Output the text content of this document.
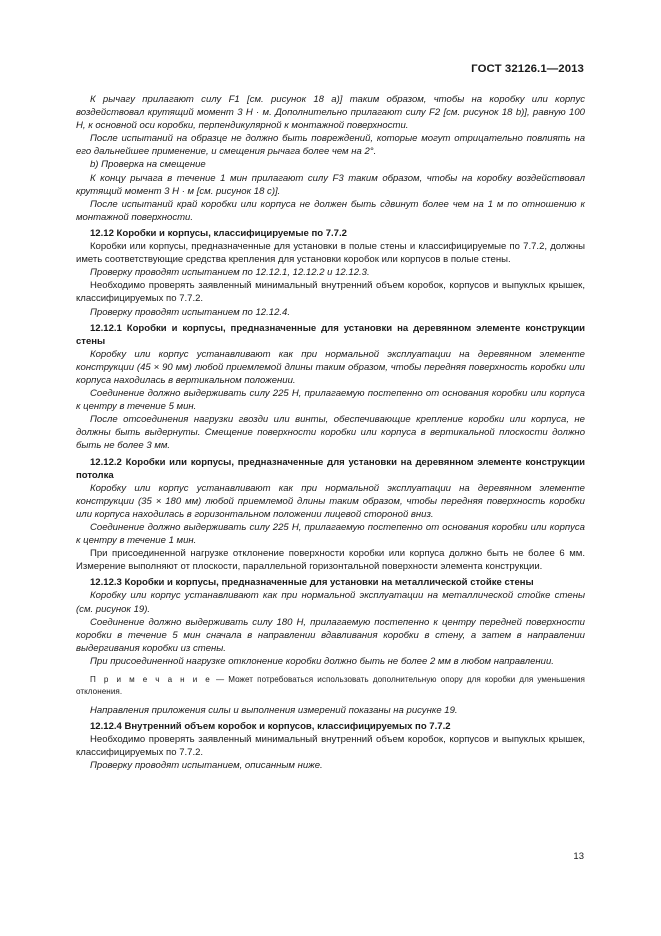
ГОСТ 32126.1—2013

К рычагу прилагают силу F1 [см. рисунок 18 a)] таким образом, чтобы на коробку или корпус воздействовал крутящий момент 3 Н · м. Дополнительно прилагают силу F2 [см. рисунок 18 b)], равную 100 Н, к основной оси коробки, перпендикулярной к монтажной поверхности.

После испытаний на образце не должно быть повреждений, которые могут отрицательно повлиять на его дальнейшее применение, и смещения рычага более чем на 2°.

b) Проверка на смещение

К концу рычага в течение 1 мин прилагают силу F3 таким образом, чтобы на коробку воздействовал крутящий момент 3 Н · м [см. рисунок 18 c)].

После испытаний край коробки или корпуса не должен быть сдвинут более чем на 1 м по отношению к монтажной поверхности.

12.12 Коробки и корпусы, классифицируемые по 7.7.2

Коробки или корпусы, предназначенные для установки в полые стены и классифицируемые по 7.7.2, должны иметь соответствующие средства крепления для установки коробок или корпусов в полые стены.

Проверку проводят испытанием по 12.12.1, 12.12.2 и 12.12.3.

Необходимо проверять заявленный минимальный внутренний объем коробок, корпусов и выпуклых крышек, классифицируемых по 7.7.2.

Проверку проводят испытанием по 12.12.4.

12.12.1 Коробки и корпусы, предназначенные для установки на деревянном элементе конструкции стены

Коробку или корпус устанавливают как при нормальной эксплуатации на деревянном элементе конструкции (45 × 90 мм) любой приемлемой длины таким образом, чтобы передняя поверхность коробки или корпуса находилась в вертикальном положении.

Соединение должно выдерживать силу 225 Н, прилагаемую постепенно от основания коробки или корпуса к центру в течение 5 мин.

После отсоединения нагрузки гвозди или винты, обеспечивающие крепление коробки или корпуса, не должны быть выдернуты. Смещение поверхности коробки или корпуса в вертикальной плоскости должно быть не более 3 мм.

12.12.2 Коробки или корпусы, предназначенные для установки на деревянном элементе конструкции потолка

Коробку или корпус устанавливают как при нормальной эксплуатации на деревянном элементе конструкции (35 × 180 мм) любой приемлемой длины таким образом, чтобы передняя поверхность коробки или корпуса находилась в горизонтальном положении лицевой стороной вниз.

Соединение должно выдерживать силу 225 Н, прилагаемую постепенно от основания коробки или корпуса к центру в течение 1 мин.

При присоединенной нагрузке отклонение поверхности коробки или корпуса должно быть не более 6 мм. Измерение выполняют от плоскости, параллельной горизонтальной поверхности элемента конструкции.

12.12.3 Коробки и корпусы, предназначенные для установки на металлической стойке стены

Коробку или корпус устанавливают как при нормальной эксплуатации на металлической стойке стены (см. рисунок 19).

Соединение должно выдерживать силу 180 Н, прилагаемую постепенно к центру передней поверхности коробки в течение 5 мин сначала в направлении вдавливания коробки в стену, а затем в направлении выдергивания коробки из стены.

При присоединенной нагрузке отклонение коробки должно быть не более 2 мм в любом направлении.

П р и м е ч а н и е — Может потребоваться использовать дополнительную опору для коробки для уменьшения отклонения.

Направления приложения силы и выполнения измерений показаны на рисунке 19.

12.12.4 Внутренний объем коробок и корпусов, классифицируемых по 7.7.2

Необходимо проверять заявленный минимальный внутренний объем коробок, корпусов и выпуклых крышек, классифицируемых по 7.7.2.

Проверку проводят испытанием, описанным ниже.

13
